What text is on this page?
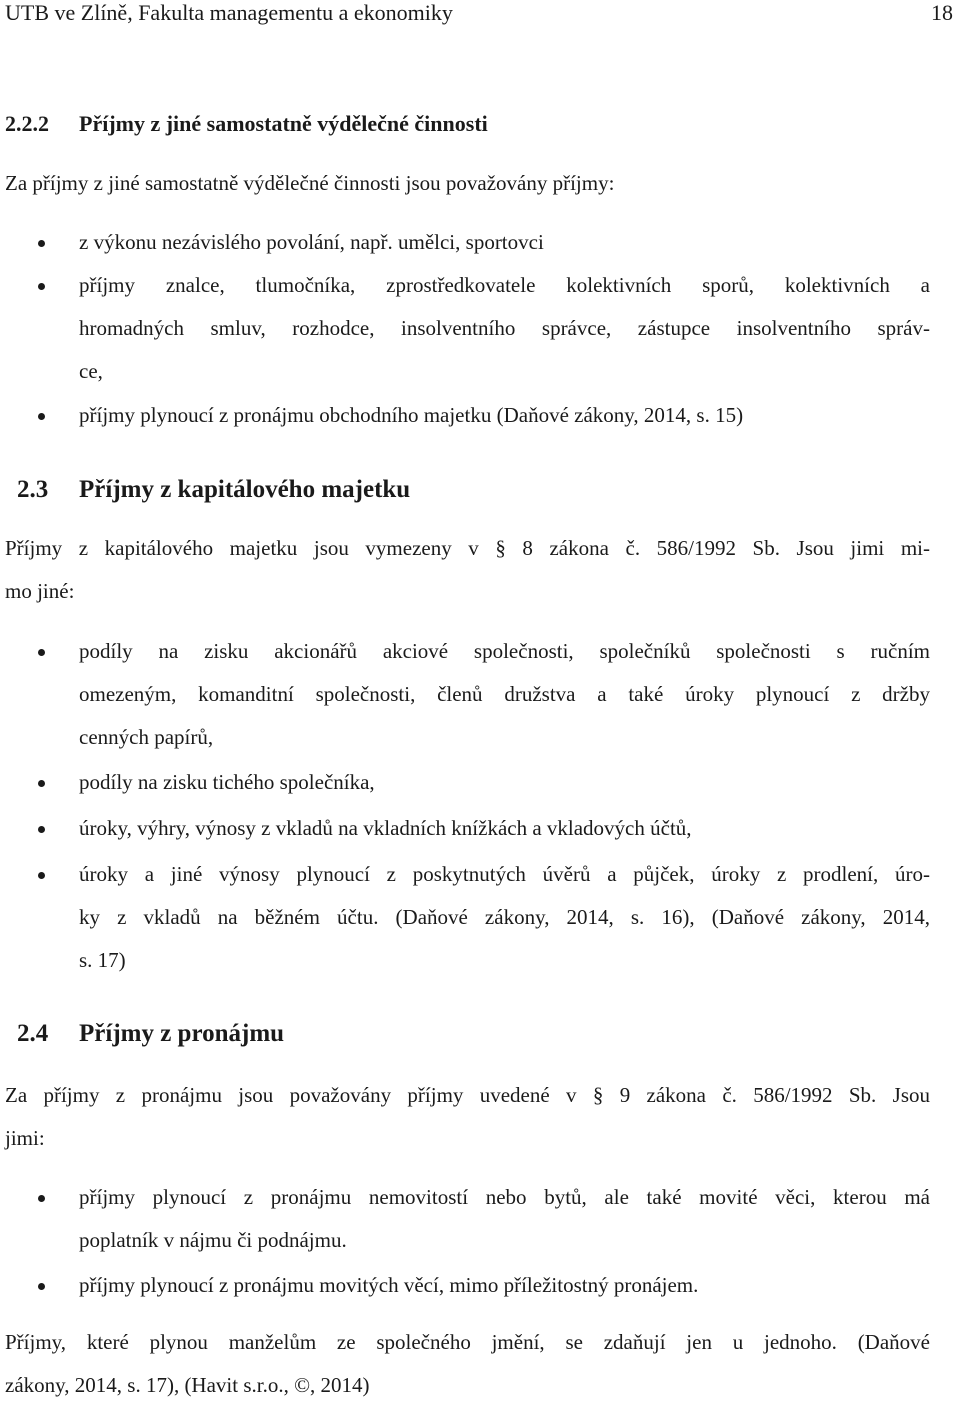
UTB ve Zlíně, Fakulta managementu a ekonomiky	18
2.2.2 Příjmy z jiné samostatně výdělečné činnosti
Za příjmy z jiné samostatně výdělečné činnosti jsou považovány příjmy:
z výkonu nezávislého povolání, např. umělci, sportovci
příjmy znalce, tlumočníka, zprostředkovatele kolektivních sporů, kolektivních a
hromadných smluv, rozhodce, insolventního správce, zástupce insolventního správ-
ce,
příjmy plynoucí z pronájmu obchodního majetku (Daňové zákony, 2014, s. 15)
2.3 Příjmy z kapitálového majetku
Příjmy z kapitálového majetku jsou vymezeny v § 8 zákona č. 586/1992 Sb. Jsou jimi mi-
mo jiné:
podíly na zisku akcionářů akciové společnosti, společníků společnosti s ručním
omezeným, komanditní společnosti, členů družstva a také úroky plynoucí z držby
cenných papírů,
podíly na zisku tichého společníka,
úroky, výhry, výnosy z vkladů na vkladních knížkách a vkladových účtů,
úroky a jiné výnosy plynoucí z poskytnutých úvěrů a půjček, úroky z prodlení, úro-
ky z vkladů na běžném účtu. (Daňové zákony, 2014, s. 16), (Daňové zákony, 2014,
s. 17)
2.4 Příjmy z pronájmu
Za příjmy z pronájmu jsou považovány příjmy uvedené v § 9 zákona č. 586/1992 Sb. Jsou
jimi:
příjmy plynoucí z pronájmu nemovitostí nebo bytů, ale také movité věci, kterou má
poplatník v nájmu či podnájmu.
příjmy plynoucí z pronájmu movitých věcí, mimo příležitostný pronájem.
Příjmy, které plynou manželům ze společného jmění, se zdaňují jen u jednoho. (Daňové
zákony, 2014, s. 17), (Havit s.r.o., ©, 2014)
